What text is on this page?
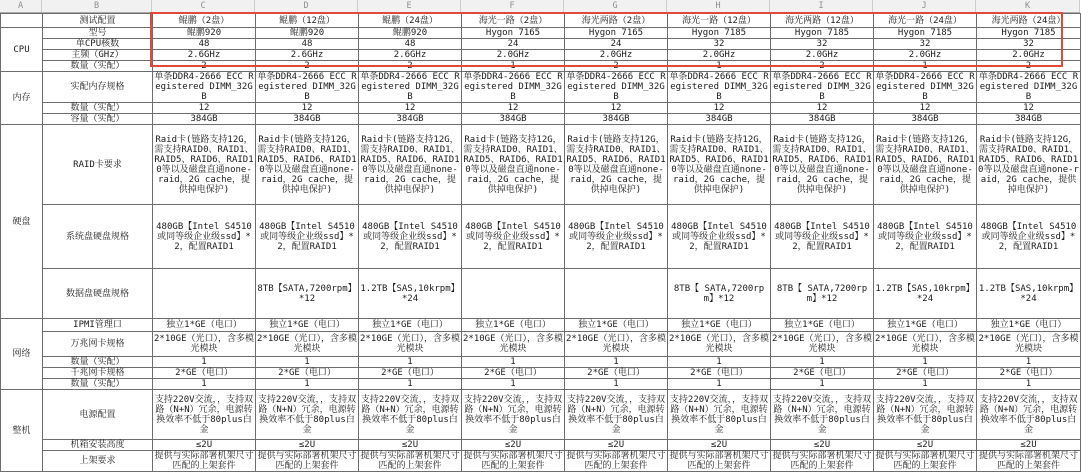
A	B	C	D	E	F	G	H	I	J	K
	测试配置	鲲鹏（2盘）	鲲鹏（12盘）	鲲鹏（24盘）	海光一路（2盘）	海光两路（2盘）	海光一路（12盘）	海光两路（12盘）	海光一路（24盘）	海光两路（24盘）
CPU	型号	鲲鹏920	鲲鹏920	鲲鹏920	Hygon 7165	Hygon 7165	Hygon 7185	Hygon 7185	Hygon 7185	Hygon 7185
	单CPU核数	48	48	48	24	24	32	32	32	32
	主频（GHz）	2.6GHz	2.6GHz	2.6GHz	2.0GHz	2.0GHz	2.0GHz	2.0GHz	2.0GHz	2.0GHz
	数量（实配）	2	2	2	1	2	1	2	1	2
内存	实配内存规格	单条DDR4-2666 ECC Registered DIMM_32GB	单条DDR4-2666 ECC Registered DIMM_32GB	单条DDR4-2666 ECC Registered DIMM_32GB	单条DDR4-2666 ECC Registered DIMM_32GB	单条DDR4-2666 ECC Registered DIMM_32GB	单条DDR4-2666 ECC Registered DIMM_32GB	单条DDR4-2666 ECC Registered DIMM_32GB	单条DDR4-2666 ECC Registered DIMM_32GB	单条DDR4-2666 ECC Registered DIMM_32GB
	数量（实配）	12	12	12	12	12	12	12	12	12
	容量（实配）	384GB	384GB	384GB	384GB	384GB	384GB	384GB	384GB	384GB
硬盘	RAID卡要求	Raid卡(链路支持12G，需支持RAID0、RAID1、RAID5、RAID6、RAID10等以及磁盘直通none-raid，2G cache，提供掉电保护)	Raid卡(链路支持12G，需支持RAID0、RAID1、RAID5、RAID6、RAID10等以及磁盘直通none-raid，2G cache，提供掉电保护)	Raid卡(链路支持12G，需支持RAID0、RAID1、RAID5、RAID6、RAID10等以及磁盘直通none-raid，2G cache，提供掉电保护)	Raid卡(链路支持12G，需支持RAID0、RAID1、RAID5、RAID6、RAID10等以及磁盘直通none-raid，2G cache，提供掉电保护)	Raid卡(链路支持12G，需支持RAID0、RAID1、RAID5、RAID6、RAID10等以及磁盘直通none-raid，2G cache，提供掉电保护)	Raid卡(链路支持12G，需支持RAID0、RAID1、RAID5、RAID6、RAID10等以及磁盘直通none-raid，2G cache，提供掉电保护)	Raid卡(链路支持12G，需支持RAID0、RAID1、RAID5、RAID6、RAID10等以及磁盘直通none-raid，2G cache，提供掉电保护)	Raid卡(链路支持12G，需支持RAID0、RAID1、RAID5、RAID6、RAID10等以及磁盘直通none-raid，2G cache，提供掉电保护)	Raid卡(链路支持12G，需支持RAID0、RAID1、RAID5、RAID6、RAID10等以及磁盘直通none-raid，2G cache，提供掉电保护)
	系统盘硬盘规格	480GB【Intel S4510或同等级企业级ssd】*2，配置RAID1	480GB【Intel S4510或同等级企业级ssd】*2，配置RAID1	480GB【Intel S4510或同等级企业级ssd】*2，配置RAID1	480GB【Intel S4510或同等级企业级ssd】*2，配置RAID1	480GB【Intel S4510或同等级企业级ssd】*2，配置RAID1	480GB【Intel S4510或同等级企业级ssd】*2，配置RAID1	480GB【Intel S4510或同等级企业级ssd】*2，配置RAID1	480GB【Intel S4510或同等级企业级ssd】*2，配置RAID1	480GB【Intel S4510或同等级企业级ssd】*2，配置RAID1
	数据盘硬盘规格		8TB【SATA,7200rpm】*12	1.2TB【SAS,10krpm】*24			8TB【 SATA,7200rpm】*12	8TB【 SATA,7200rpm】*12	1.2TB【SAS,10krpm】*24	1.2TB【SAS,10krpm】*24
网络	IPMI管理口	独立1*GE（电口）	独立1*GE（电口）	独立1*GE（电口）	独立1*GE（电口）	独立1*GE（电口）	独立1*GE（电口）	独立1*GE（电口）	独立1*GE（电口）	独立1*GE（电口）
	万兆网卡规格	2*10GE（光口），含多模光模块	2*10GE（光口），含多模光模块	2*10GE（光口），含多模光模块	2*10GE（光口），含多模光模块	2*10GE（光口），含多模光模块	2*10GE（光口），含多模光模块	2*10GE（光口），含多模光模块	2*10GE（光口），含多模光模块	2*10GE（光口），含多模光模块
	数量（实配）	1	1	1	1	1	1	1	1	1
	千兆网卡规格	2*GE（电口）	2*GE（电口）	2*GE（电口）	2*GE（电口）	2*GE（电口）	2*GE（电口）	2*GE（电口）	2*GE（电口）	2*GE（电口）
	数量（实配）	1	1	1	1	1	1	1	1	1
整机	电源配置	支持220V交流，，支持双路（N+N）冗余，电源转换效率不低于80plus白金	支持220V交流，，支持双路（N+N）冗余，电源转换效率不低于80plus白金	支持220V交流，，支持双路（N+N）冗余，电源转换效率不低于80plus白金	支持220V交流，，支持双路（N+N）冗余，电源转换效率不低于80plus白金	支持220V交流，，支持双路（N+N）冗余，电源转换效率不低于80plus白金	支持220V交流，，支持双路（N+N）冗余，电源转换效率不低于80plus白金	支持220V交流，，支持双路（N+N）冗余，电源转换效率不低于80plus白金	支持220V交流，，支持双路（N+N）冗余，电源转换效率不低于80plus白金	支持220V交流，，支持双路（N+N）冗余，电源转换效率不低于80plus白金
	机箱安装高度	≤2U	≤2U	≤2U	≤2U	≤2U	≤2U	≤2U	≤2U	≤2U
	上架要求	提供与实际部署机架尺寸匹配的上架套件	提供与实际部署机架尺寸匹配的上架套件	提供与实际部署机架尺寸匹配的上架套件	提供与实际部署机架尺寸匹配的上架套件	提供与实际部署机架尺寸匹配的上架套件	提供与实际部署机架尺寸匹配的上架套件	提供与实际部署机架尺寸匹配的上架套件	提供与实际部署机架尺寸匹配的上架套件	提供与实际部署机架尺寸匹配的上架套件
